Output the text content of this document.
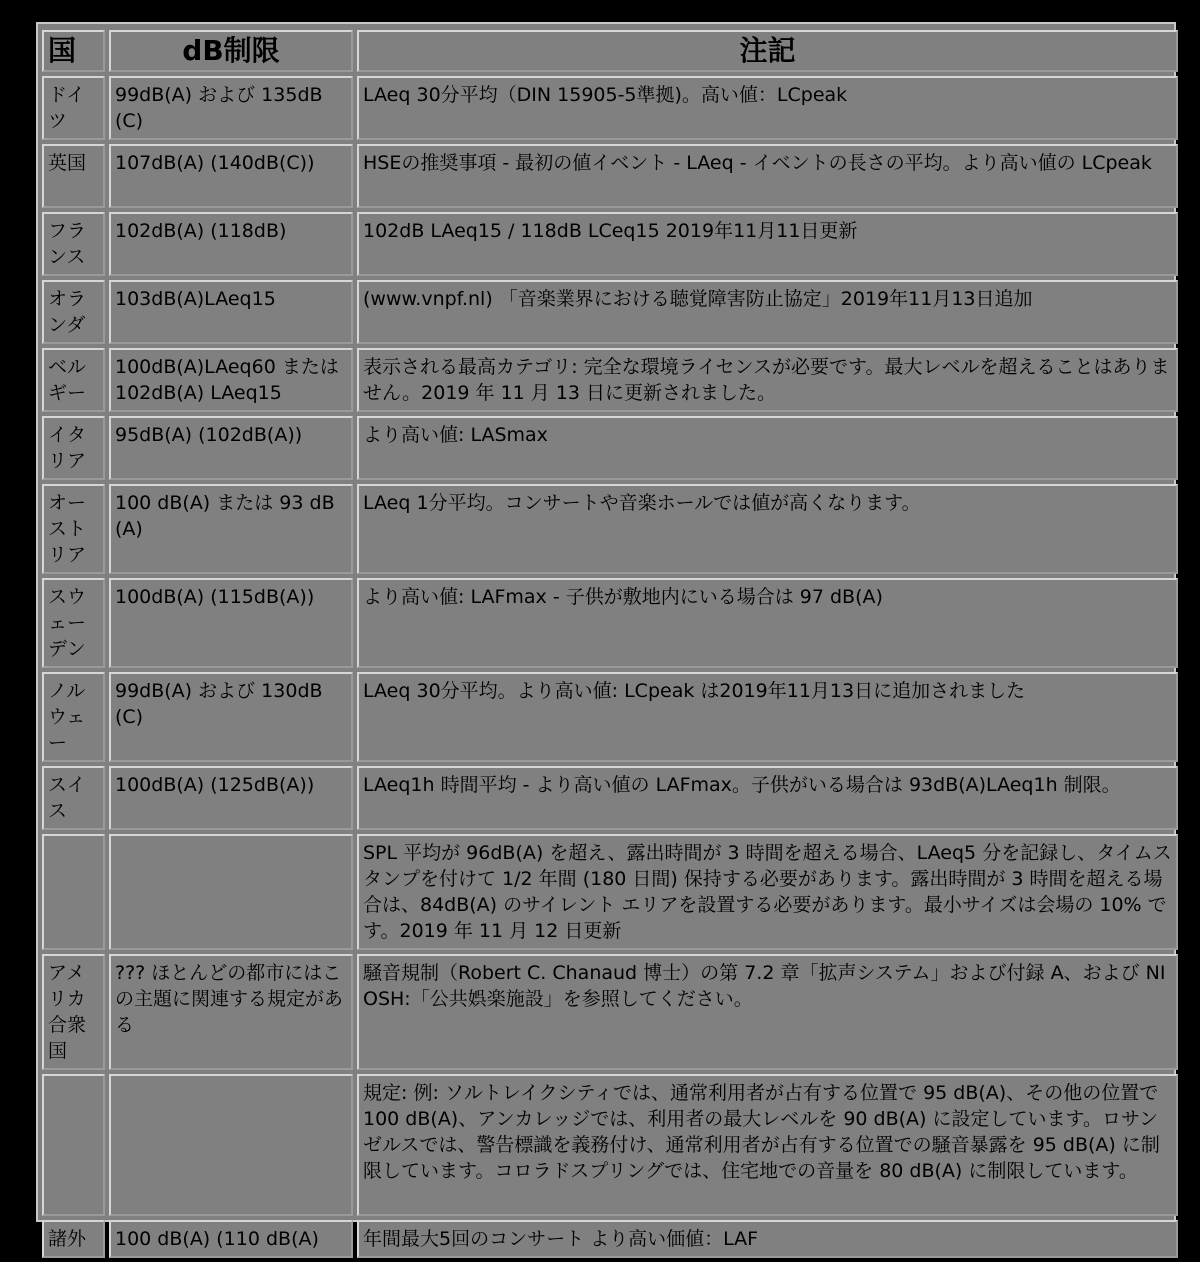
国	dB制限	注記
ドイツ	99dB(A) および 135dB(C)	LAeq 30分平均（DIN 15905-5準拠)。高い値：LCpeak
英国	107dB(A) (140dB(C))	HSEの推奨事項 - 最初の値イベント - LAeq - イベントの長さの平均。より高い値の LCpeak
フランス	102dB(A) (118dB)	102dB LAeq15 / 118dB LCeq15 2019年11月11日更新
オランダ	103dB(A)LAeq15	(www.vnpf.nl) 「音楽業界における聴覚障害防止協定」2019年11月13日追加
ベルギー	100dB(A)LAeq60 または 102dB(A) LAeq15	表示される最高カテゴリ: 完全な環境ライセンスが必要です。最大レベルを超えることはありません。2019 年 11 月 13 日に更新されました。
イタリア	95dB(A) (102dB(A))	より高い値: LASmax
オーストリア	100 dB(A) または 93 dB(A)	LAeq 1分平均。コンサートや音楽ホールでは値が高くなります。
スウェーデン	100dB(A) (115dB(A))	より高い値: LAFmax - 子供が敷地内にいる場合は 97 dB(A)
ノルウェー	99dB(A) および 130dB(C)	LAeq 30分平均。より高い値: LCpeak は2019年11月13日に追加されました
スイス	100dB(A) (125dB(A))	LAeq1h 時間平均 - より高い値の LAFmax。子供がいる場合は 93dB(A)LAeq1h 制限。
		SPL 平均が 96dB(A) を超え、露出時間が 3 時間を超える場合、LAeq5 分を記録し、タイムスタンプを付けて 1/2 年間 (180 日間) 保持する必要があります。露出時間が 3 時間を超える場合は、84dB(A) のサイレント エリアを設置する必要があります。最小サイズは会場の 10% です。2019 年 11 月 12 日更新
アメリカ合衆国	??? ほとんどの都市にはこの主題に関連する規定がある	騒音規制（Robert C. Chanaud 博士）の第 7.2 章「拡声システム」および付録 A、および NIOSH:「公共娯楽施設」を参照してください。
		規定: 例: ソルトレイクシティでは、通常利用者が占有する位置で 95 dB(A)、その他の位置で 100 dB(A)、アンカレッジでは、利用者の最大レベルを 90 dB(A) に設定しています。ロサンゼルスでは、警告標識を義務付け、通常利用者が占有する位置での騒音暴露を 95 dB(A) に制限しています。コロラドスプリングでは、住宅地での音量を 80 dB(A) に制限しています。
諸外	100 dB(A) (110 dB(A)	年間最大5回のコンサート より高い価値：LAF
